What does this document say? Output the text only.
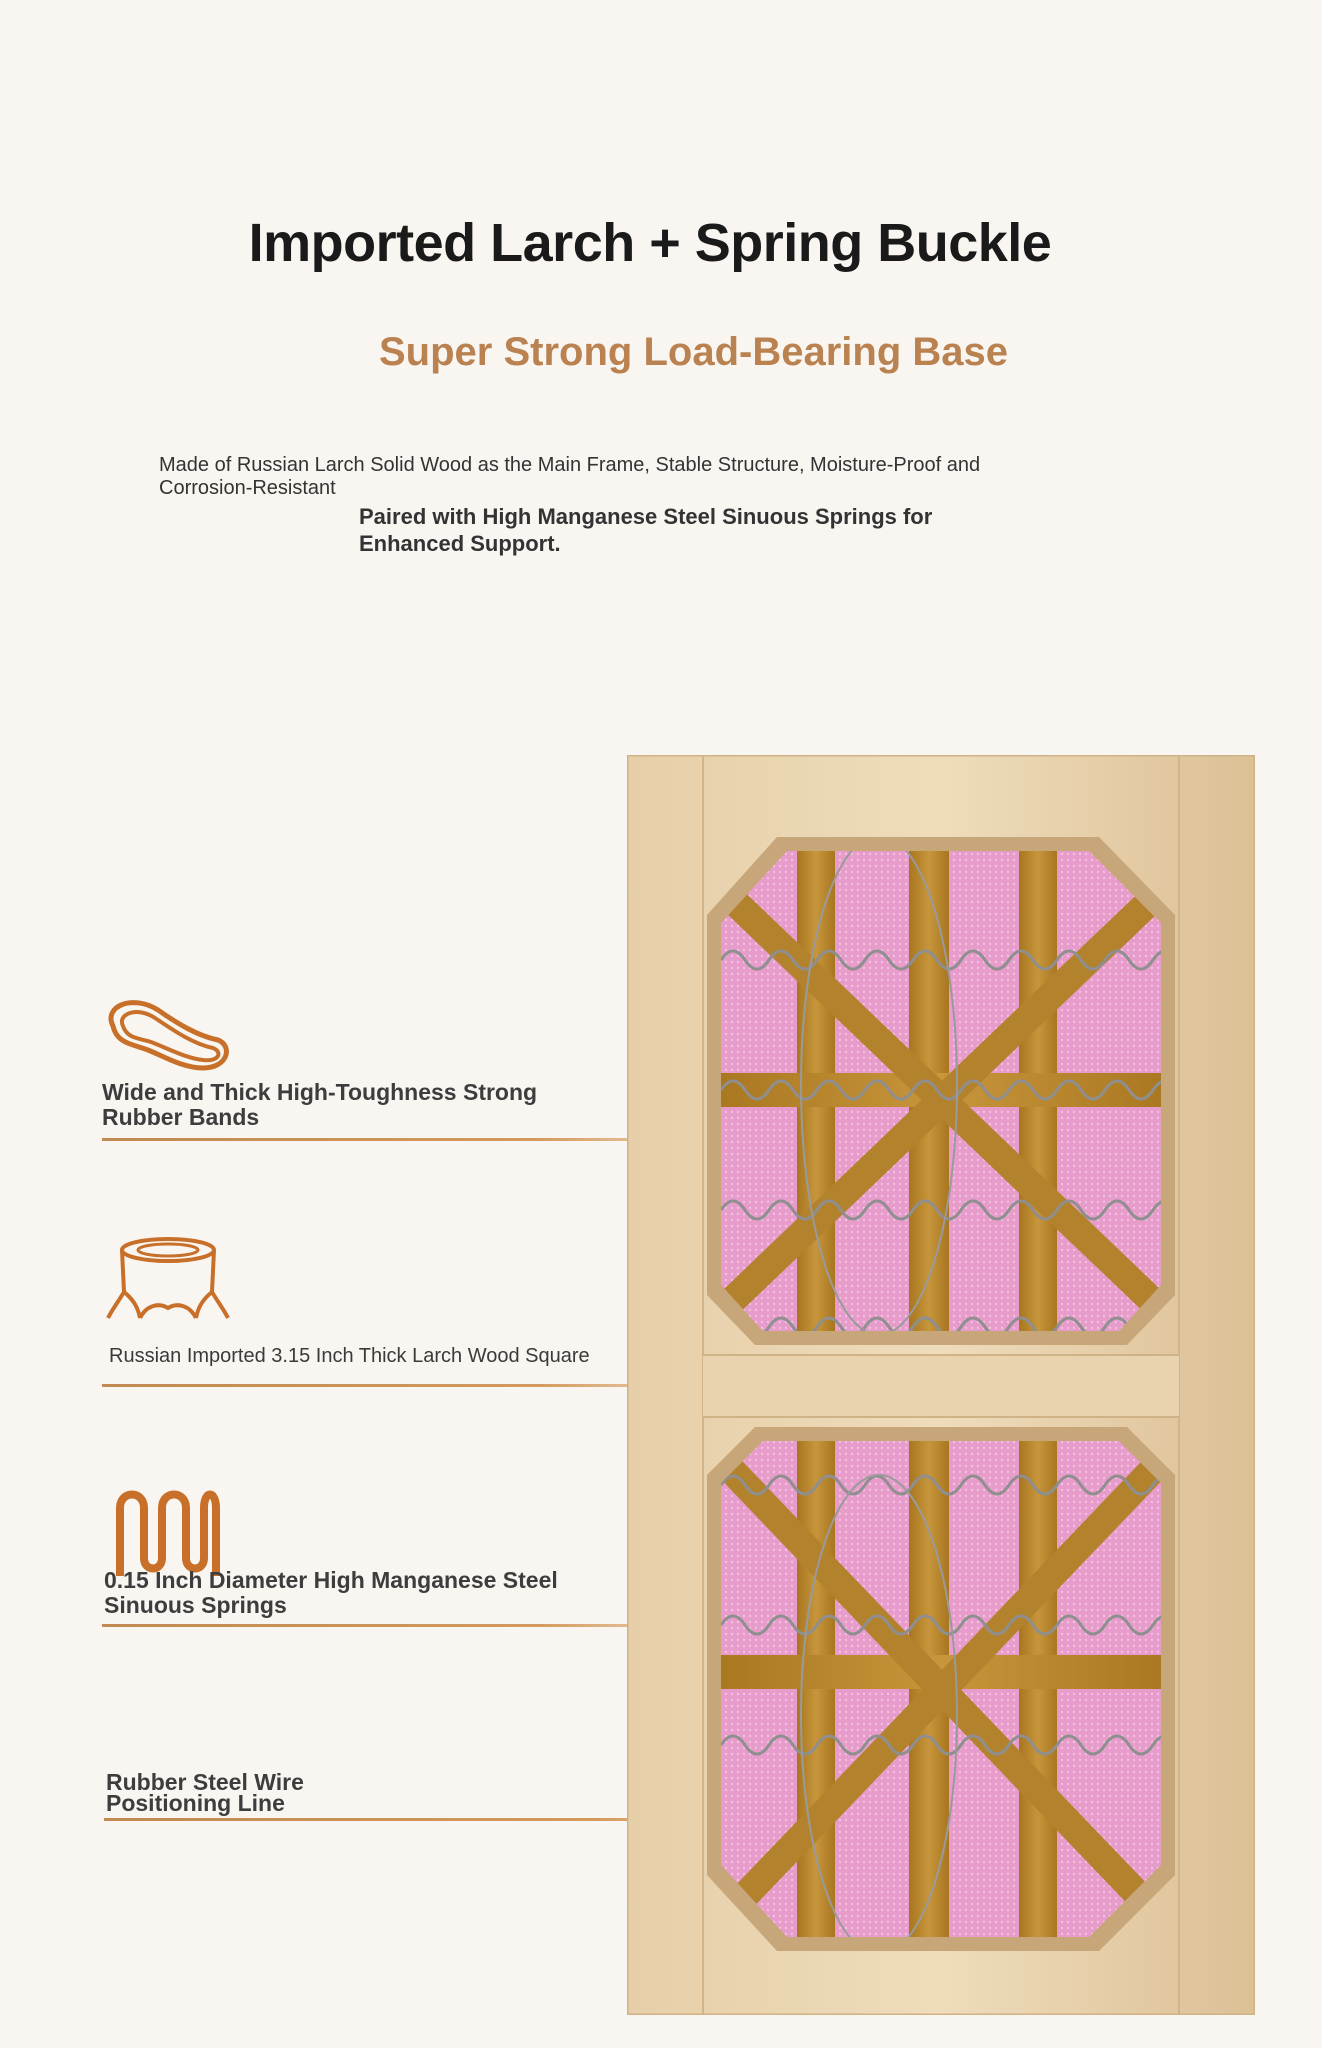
Imported Larch + Spring Buckle
Super Strong Load-Bearing Base
Made of Russian Larch Solid Wood as the Main Frame, Stable Structure, Moisture-Proof and Corrosion-Resistant
Paired with High Manganese Steel Sinuous Springs for Enhanced Support.
Wide and Thick High-Toughness Strong Rubber Bands
Russian Imported 3.15 Inch Thick Larch Wood Square
0.15 Inch Diameter High Manganese Steel Sinuous Springs
Rubber Steel Wire Positioning Line
